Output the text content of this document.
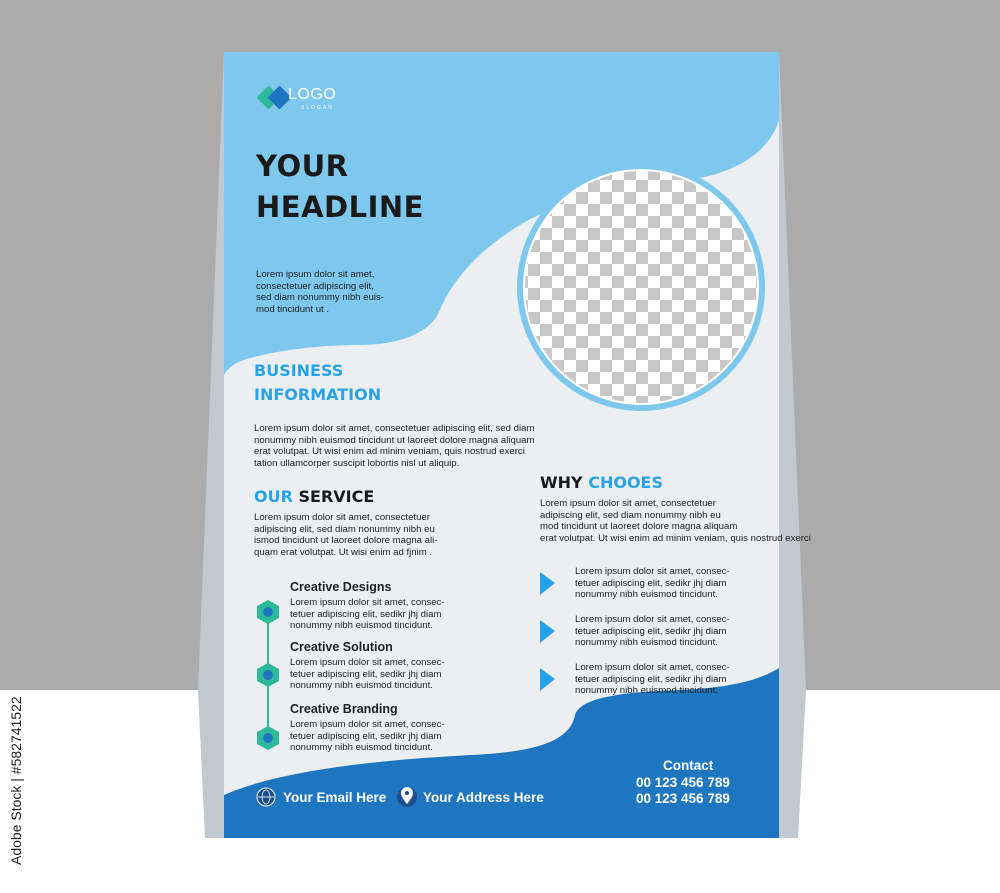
Adobe Stock | #582741522
LOGO
SLOGAN
YOUR
HEADLINE
Lorem ipsum dolor sit amet,
consectetuer adipiscing elit,
sed diam nonummy nibh euis-
mod tincidunt ut .
BUSINESS
INFORMATION
Lorem ipsum dolor sit amet, consectetuer adipiscing elit, sed diam
nonummy nibh euismod tincidunt ut laoreet dolore magna aliquam
erat volutpat. Ut wisi enim ad minim veniam, quis nostrud exerci
tation ullamcorper suscipit lobortis nisl ut aliquip.
OUR SERVICE
Lorem ipsum dolor sit amet, consectetuer
adipiscing elit, sed diam nonummy nibh eu
ismod tincidunt ut laoreet dolore magna ali-
quam erat volutpat. Ut wisi enim ad fjnim .
Creative Designs
Lorem ipsum dolor sit amet, consec-
tetuer adipiscing elit, sedikr jhj diam
nonummy nibh euismod tincidunt.
Creative Solution
Lorem ipsum dolor sit amet, consec-
tetuer adipiscing elit, sedikr jhj diam
nonummy nibh euismod tincidunt.
Creative Branding
Lorem ipsum dolor sit amet, consec-
tetuer adipiscing elit, sedikr jhj diam
nonummy nibh euismod tincidunt.
WHY CHOOES
Lorem ipsum dolor sit amet, consectetuer
adipiscing elit, sed diam nonummy nibh eu
mod tincidunt ut laoreet dolore magna aliquam
erat volutpat. Ut wisi enim ad minim veniam, quis nostrud exerci
Lorem ipsum dolor sit amet, consec-
tetuer adipiscing elit, sedikr jhj diam
nonummy nibh euismod tincidunt.
Lorem ipsum dolor sit amet, consec-
tetuer adipiscing elit, sedikr jhj diam
nonummy nibh euismod tincidunt.
Lorem ipsum dolor sit amet, consec-
tetuer adipiscing elit, sedikr jhj diam
nonummy nibh euismod tincidunt.
Your Email Here	Your Address Here
Contact
00 123 456 789
00 123 456 789
